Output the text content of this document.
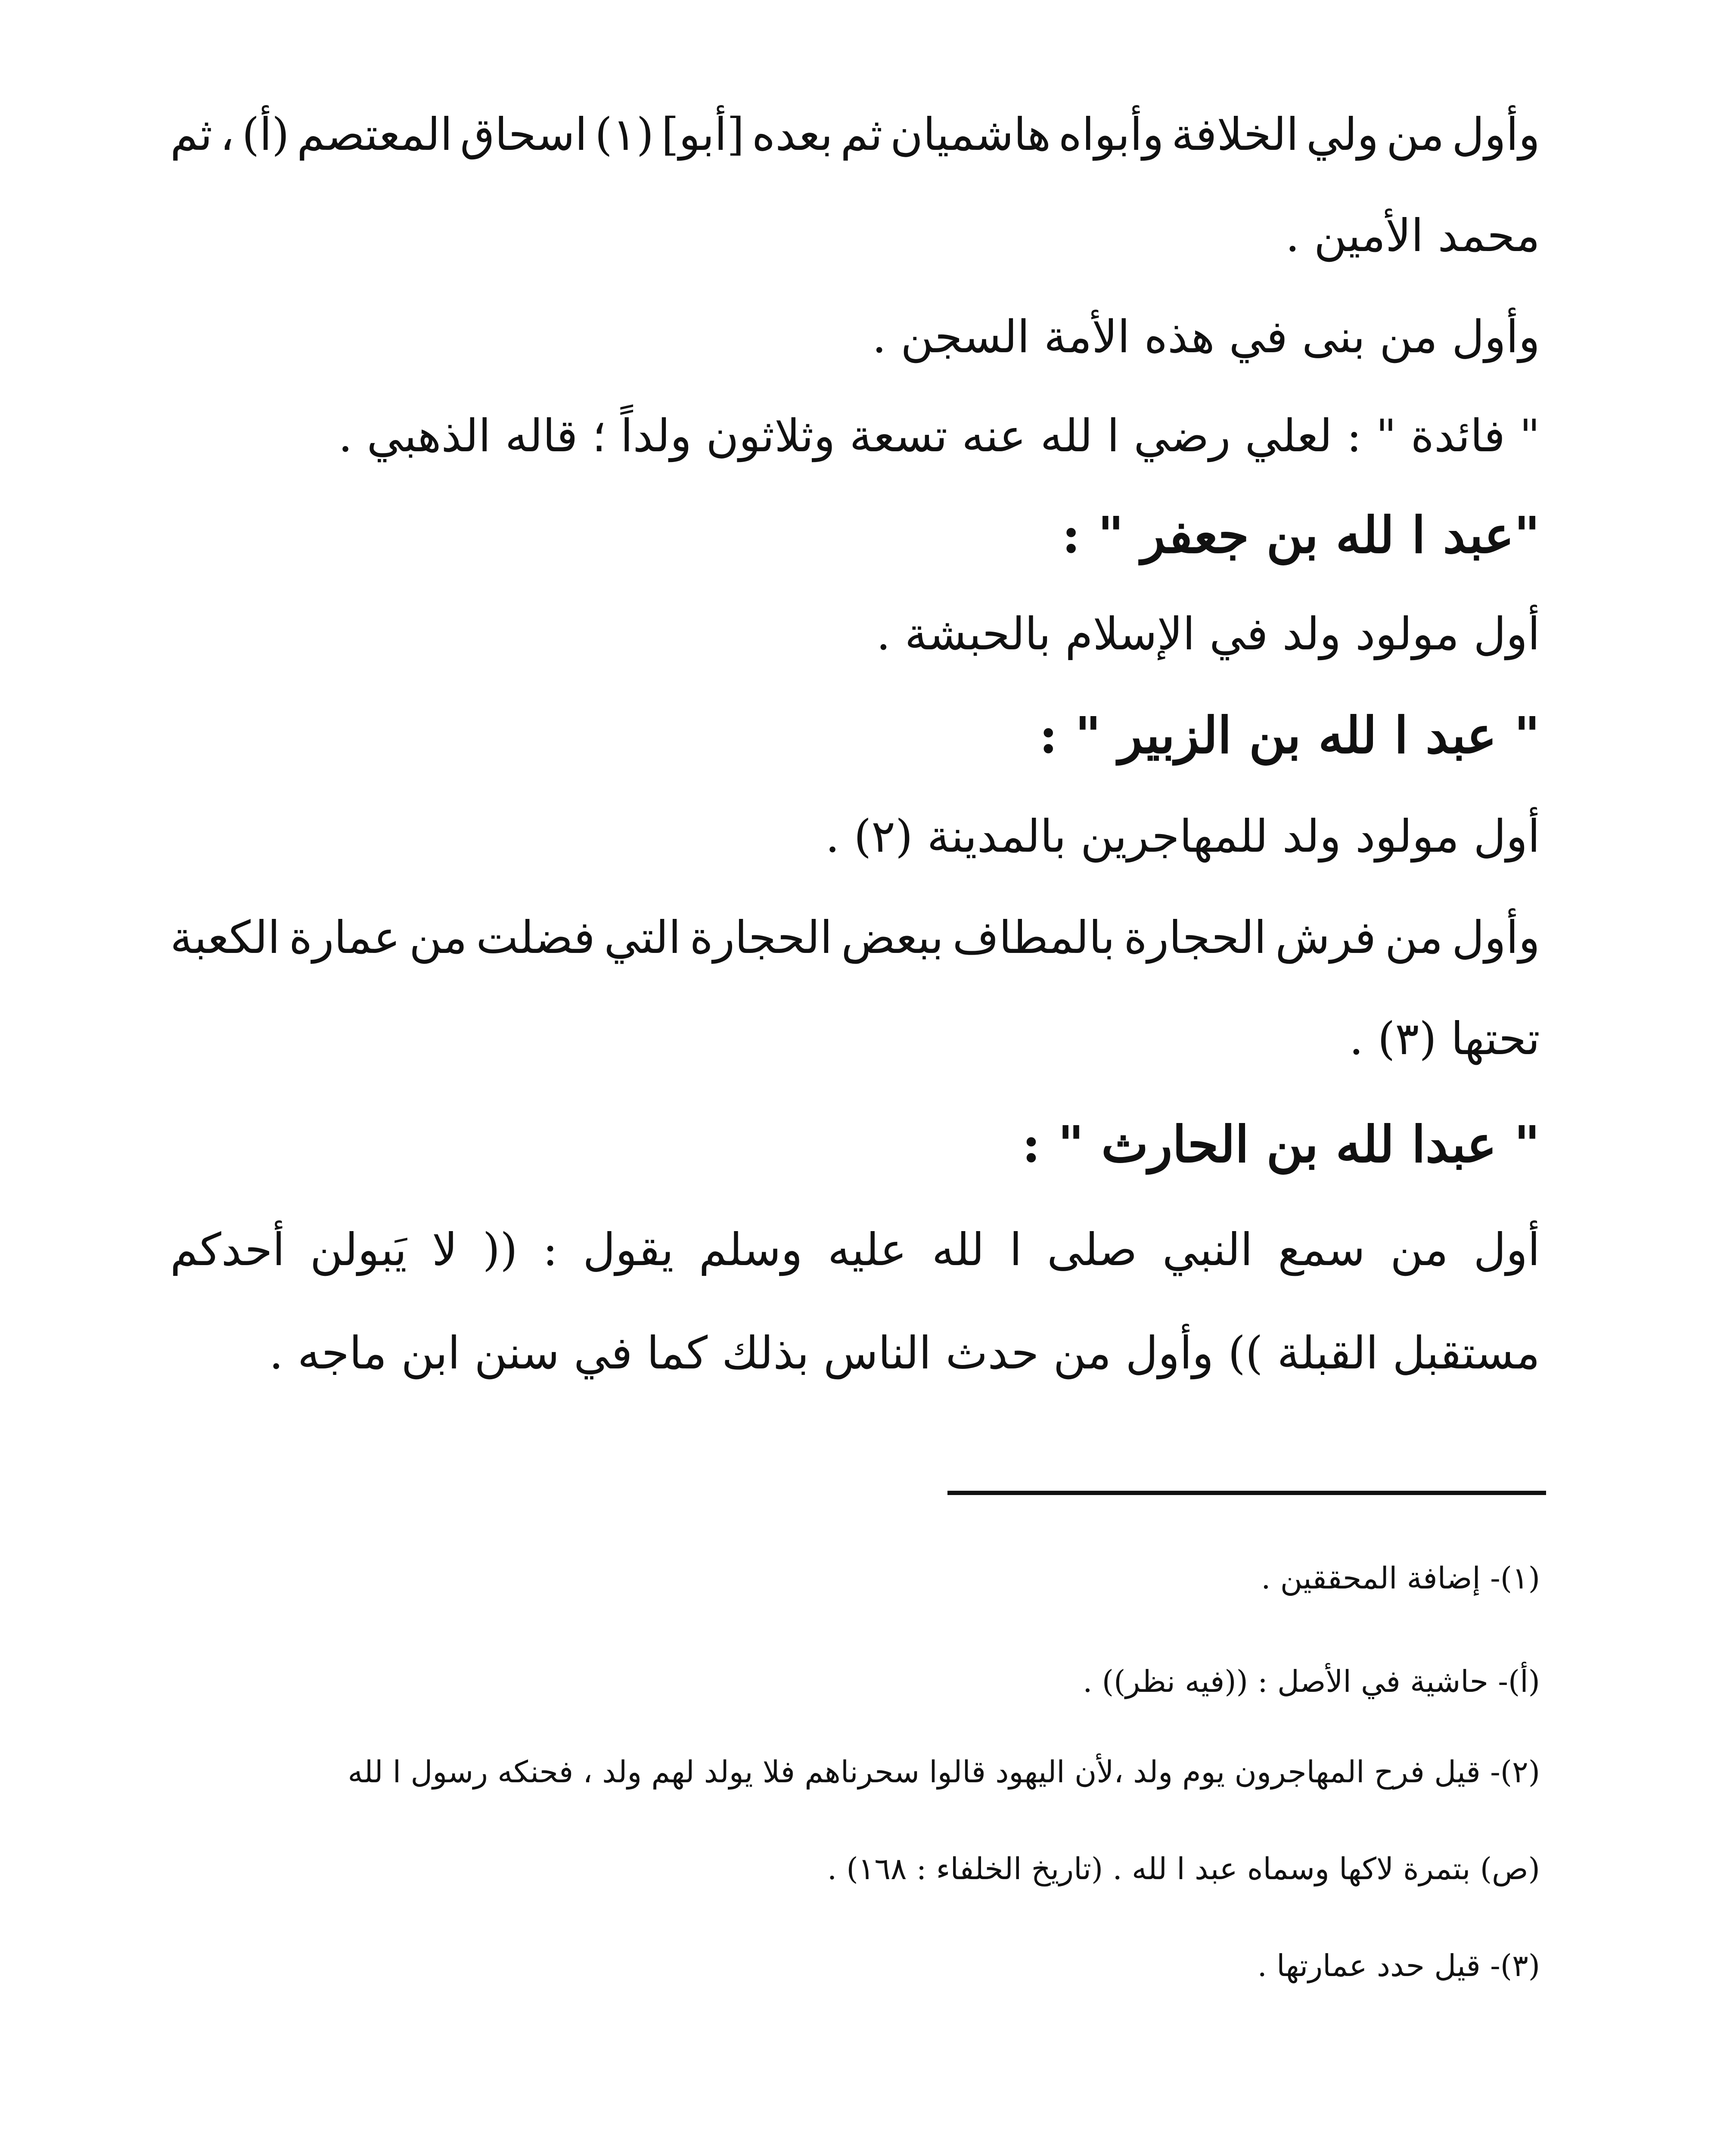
وأول
من
ولي
الخلافة
وأبواه
هاشميان
ثم
بعده
[أبو]
(١)
اسحاق
المعتصم
(أ)
،
ثم
محمد الأمين .
وأول من بنى في هذه الأمة السجن .
" فائدة " : لعلي رضي ا لله عنه تسعة وثلاثون ولداً ؛ قاله الذهبي .
"عبد ا لله بن جعفر " :
أول مولود ولد في الإسلام بالحبشة .
" عبد ا لله بن الزبير " :
أول مولود ولد للمهاجرين بالمدينة (٢) .
وأول
من
فرش
الحجارة
بالمطاف
ببعض
الحجارة
التي
فضلت
من
عمارة
الكعبة
تحتها (٣) .
" عبدا لله بن الحارث " :
أول
من
سمع
النبي
صلى
ا
لله
عليه
وسلم
يقول
:
((
لا
يَبولن
أحدكم
مستقبل القبلة )) وأول من حدث الناس بذلك كما في سنن ابن ماجه .
(١)- إضافة المحققين .
(أ)- حاشية في الأصل : ((فيه نظر)) .
(٢)- قيل فرح المهاجرون يوم ولد ،لأن اليهود قالوا سحرناهم فلا يولد لهم ولد ، فحنكه رسول ا لله
(ص) بتمرة لاكها وسماه عبد ا لله . (تاريخ الخلفاء : ١٦٨) .
(٣)- قيل حدد عمارتها .
